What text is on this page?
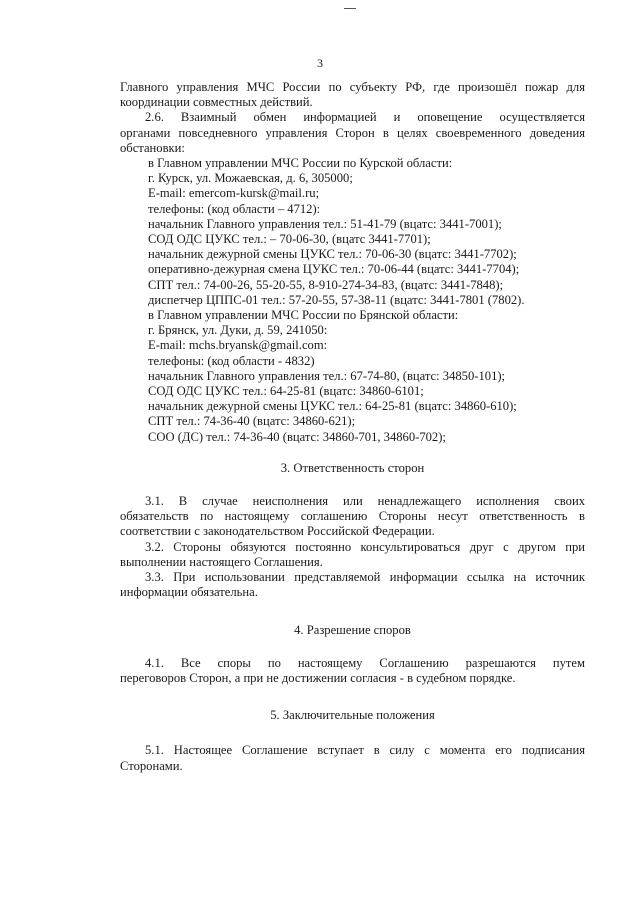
3

Главного управления МЧС России по субъекту РФ, где произошёл пожар для

координации совместных действий.

2.6. Взаимный обмен информацией и оповещение осуществляется

органами повседневного управления Сторон в целях своевременного доведения

обстановки:

в Главном управлении МЧС России по Курской области:

г. Курск, ул. Можаевская, д. 6, 305000;

E-mail: emercom-kursk@mail.ru;

телефоны: (код области – 4712):

начальник Главного управления тел.: 51-41-79 (вцатс: 3441-7001);

СОД ОДС ЦУКС тел.: – 70-06-30, (вцатс 3441-7701);

начальник дежурной смены ЦУКС тел.: 70-06-30 (вцатс: 3441-7702);

оперативно-дежурная смена ЦУКС тел.: 70-06-44 (вцатс: 3441-7704);

СПТ тел.: 74-00-26, 55-20-55, 8-910-274-34-83, (вцатс: 3441-7848);

диспетчер ЦППС-01 тел.: 57-20-55, 57-38-11 (вцатс: 3441-7801 (7802).

в Главном управлении МЧС России по Брянской области:

г. Брянск, ул. Дуки, д. 59, 241050:

E-mail: mchs.bryansk@gmail.com:

телефоны: (код области - 4832)

начальник Главного управления тел.: 67-74-80, (вцатс: 34850-101);

СОД ОДС ЦУКС тел.: 64-25-81 (вцатс: 34860-6101;

начальник дежурной смены ЦУКС тел.: 64-25-81 (вцатс: 34860-610);

СПТ тел.: 74-36-40 (вцатс: 34860-621);

СОО (ДС) тел.: 74-36-40 (вцатс: 34860-701, 34860-702);

3. Ответственность сторон

3.1. В случае неисполнения или ненадлежащего исполнения своих

обязательств по настоящему соглашению Стороны несут ответственность в

соответствии с законодательством Российской Федерации.

3.2. Стороны обязуются постоянно консультироваться друг с другом при

выполнении настоящего Соглашения.

3.3. При использовании представляемой информации ссылка на источник

информации обязательна.

4. Разрешение споров

4.1. Все споры по настоящему Соглашению разрешаются путем

переговоров Сторон, а при не достижении согласия - в судебном порядке.

5. Заключительные положения

5.1. Настоящее Соглашение вступает в силу с момента его подписания

Сторонами.
